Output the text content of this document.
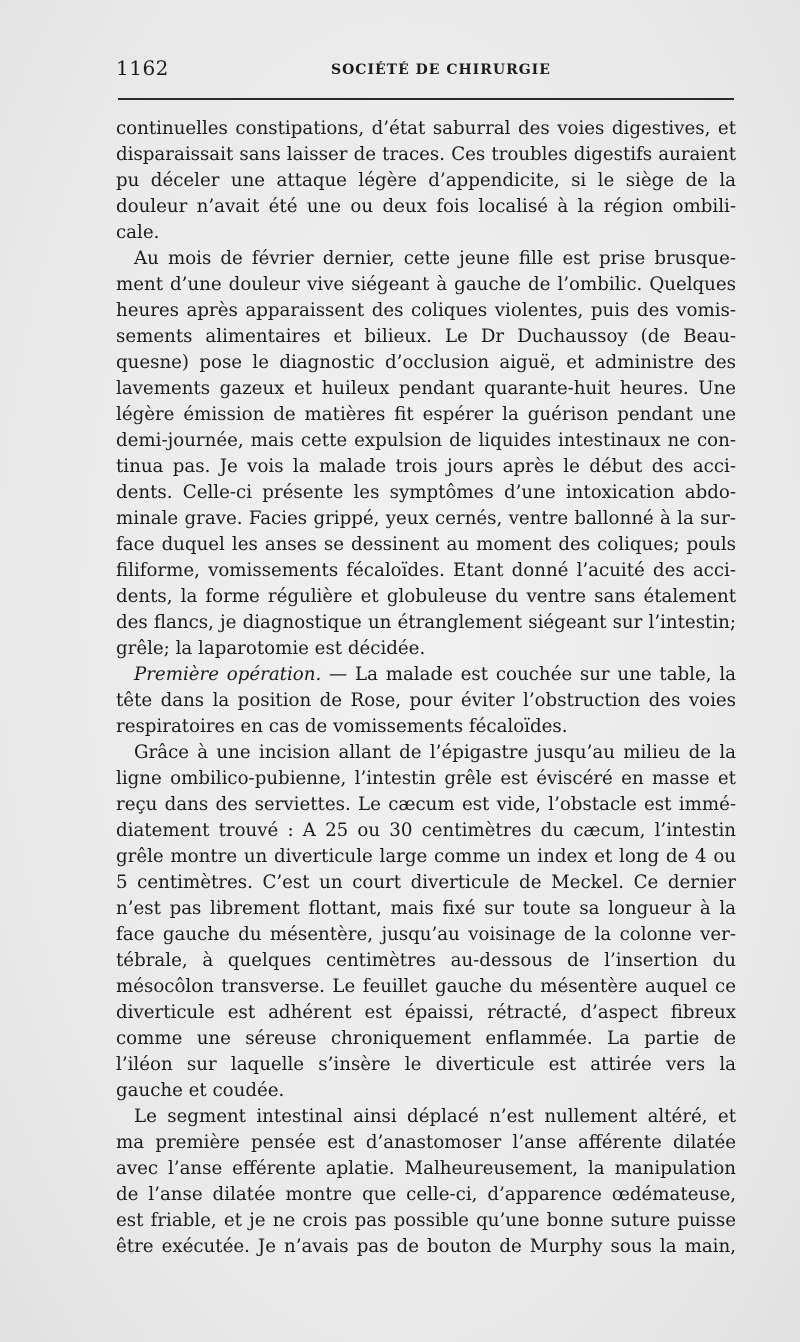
1162	SOCIÉTÉ DE CHIRURGIE
continuelles constipations, d’état saburral des voies digestives, et
disparaissait sans laisser de traces. Ces troubles digestifs auraient
pu déceler une attaque légère d’appendicite, si le siège de la
douleur n’avait été une ou deux fois localisé à la région ombili-
cale.
Au mois de février dernier, cette jeune fille est prise brusque-
ment d’une douleur vive siégeant à gauche de l’ombilic. Quelques
heures après apparaissent des coliques violentes, puis des vomis-
sements alimentaires et bilieux. Le Dr Duchaussoy (de Beau-
quesne) pose le diagnostic d’occlusion aiguë, et administre des
lavements gazeux et huileux pendant quarante-huit heures. Une
légère émission de matières fit espérer la guérison pendant une
demi-journée, mais cette expulsion de liquides intestinaux ne con-
tinua pas. Je vois la malade trois jours après le début des acci-
dents. Celle-ci présente les symptômes d’une intoxication abdo-
minale grave. Facies grippé, yeux cernés, ventre ballonné à la sur-
face duquel les anses se dessinent au moment des coliques; pouls
filiforme, vomissements fécaloïdes. Etant donné l’acuité des acci-
dents, la forme régulière et globuleuse du ventre sans étalement
des flancs, je diagnostique un étranglement siégeant sur l’intestin;
grêle; la laparotomie est décidée.
Première opération. — La malade est couchée sur une table, la
tête dans la position de Rose, pour éviter l’obstruction des voies
respiratoires en cas de vomissements fécaloïdes.
Grâce à une incision allant de l’épigastre jusqu’au milieu de la
ligne ombilico-pubienne, l’intestin grêle est éviscéré en masse et
reçu dans des serviettes. Le cæcum est vide, l’obstacle est immé-
diatement trouvé : A 25 ou 30 centimètres du cæcum, l’intestin
grêle montre un diverticule large comme un index et long de 4 ou
5 centimètres. C’est un court diverticule de Meckel. Ce dernier
n’est pas librement flottant, mais fixé sur toute sa longueur à la
face gauche du mésentère, jusqu’au voisinage de la colonne ver-
tébrale, à quelques centimètres au-dessous de l’insertion du
mésocôlon transverse. Le feuillet gauche du mésentère auquel ce
diverticule est adhérent est épaissi, rétracté, d’aspect fibreux
comme une séreuse chroniquement enflammée. La partie de
l’iléon sur laquelle s’insère le diverticule est attirée vers la
gauche et coudée.
Le segment intestinal ainsi déplacé n’est nullement altéré, et
ma première pensée est d’anastomoser l’anse afférente dilatée
avec l’anse efférente aplatie. Malheureusement, la manipulation
de l’anse dilatée montre que celle-ci, d’apparence œdémateuse,
est friable, et je ne crois pas possible qu’une bonne suture puisse
être exécutée. Je n’avais pas de bouton de Murphy sous la main,
